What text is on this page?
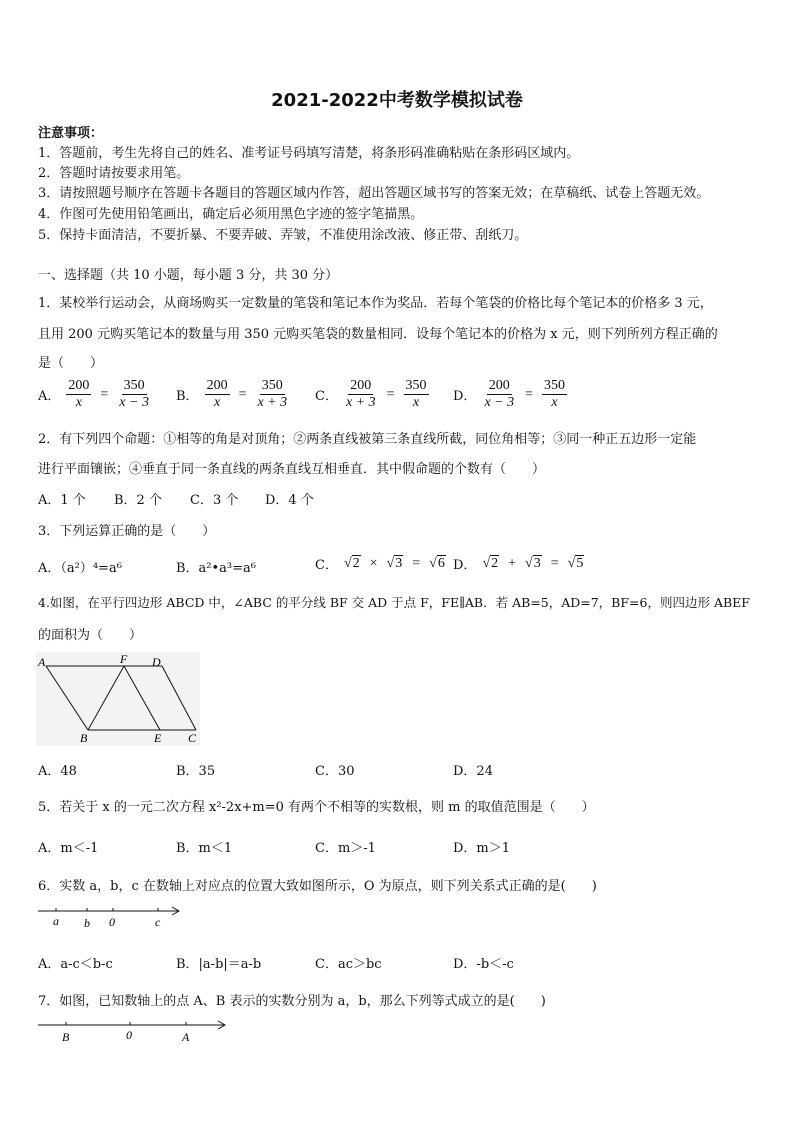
2021-2022中考数学模拟试卷
注意事项：
1．答题前，考生先将自己的姓名、准考证号码填写清楚，将条形码准确粘贴在条形码区域内。
2．答题时请按要求用笔。
3．请按照题号顺序在答题卡各题目的答题区域内作答，超出答题区域书写的答案无效；在草稿纸、试卷上答题无效。
4．作图可先使用铅笔画出，确定后必须用黑色字迹的签字笔描黑。
5．保持卡面清洁，不要折暴、不要弄破、弄皱，不准使用涂改液、修正带、刮纸刀。
一、选择题（共 10 小题，每小题 3 分，共 30 分）
1．某校举行运动会，从商场购买一定数量的笔袋和笔记本作为奖品．若每个笔袋的价格比每个笔记本的价格多 3 元，
且用 200 元购买笔记本的数量与用 350 元购买笔袋的数量相同．设每个笔记本的价格为 x 元，则下列所列方程正确的
是（　　）
A． $\frac{200}{x} = \frac{350}{x - 3}$ B． $\frac{200}{x} = \frac{350}{x + 3}$ C． $\frac{200}{x + 3} = \frac{350}{x}$ D． $\frac{200}{x - 3} = \frac{350}{x}$
2．有下列四个命题：①相等的角是对顶角；②两条直线被第三条直线所截，同位角相等；③同一种正五边形一定能
进行平面镶嵌；④垂直于同一条直线的两条直线互相垂直．其中假命题的个数有（　　）
A．1 个 B．2 个 C．3 个 D．4 个
3．下列运算正确的是（　　）
A．（a²）⁴=a⁶	B．a²•a³=a⁶	C． √2 × √3 = √6 D． √2 + √3 = √5
4.如图，在平行四边形 ABCD 中，∠ABC 的平分线 BF 交 AD 于点 F，FE∥AB．若 AB=5，AD=7，BF=6，则四边形 ABEF
的面积为（　　）
A	F D
B	E C
A．48	B．35	C．30	D．24
5．若关于 x 的一元二次方程 x²-2x+m=0 有两个不相等的实数根，则 m 的取值范围是（　　）
A．m＜-1	B．m＜1	C．m＞-1	D．m＞1
6．实数 a，b，c 在数轴上对应点的位置大致如图所示，O 为原点，则下列关系式正确的是(　　)
a b 0	c
A．a-c＜b-c	B．|a-b|＝a-b	C．ac＞bc	D．-b＜-c
7．如图，已知数轴上的点 A、B 表示的实数分别为 a，b，那么下列等式成立的是(　　)
B	0	A
